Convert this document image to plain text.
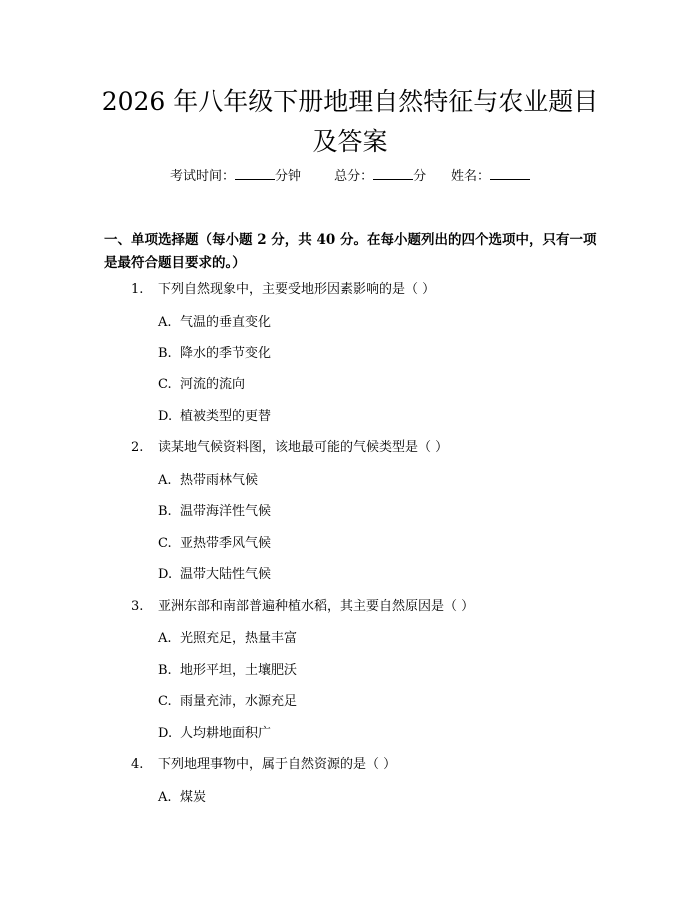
2026 年八年级下册地理自然特征与农业题目
及答案
考试时间：	分钟	总分：	分 姓名：

一、单项选择题（每小题 2 分，共 40 分。在每小题列出的四个选项中，只有一项是最符合题目要求的。）

1. 下列自然现象中，主要受地形因素影响的是（ ）
A. 气温的垂直变化
B. 降水的季节变化
C. 河流的流向
D. 植被类型的更替
2. 读某地气候资料图，该地最可能的气候类型是（ ）
A. 热带雨林气候
B. 温带海洋性气候
C. 亚热带季风气候
D. 温带大陆性气候
3. 亚洲东部和南部普遍种植水稻，其主要自然原因是（ ）
A. 光照充足，热量丰富
B. 地形平坦，土壤肥沃
C. 雨量充沛，水源充足
D. 人均耕地面积广
4. 下列地理事物中，属于自然资源的是（ ）
A. 煤炭
